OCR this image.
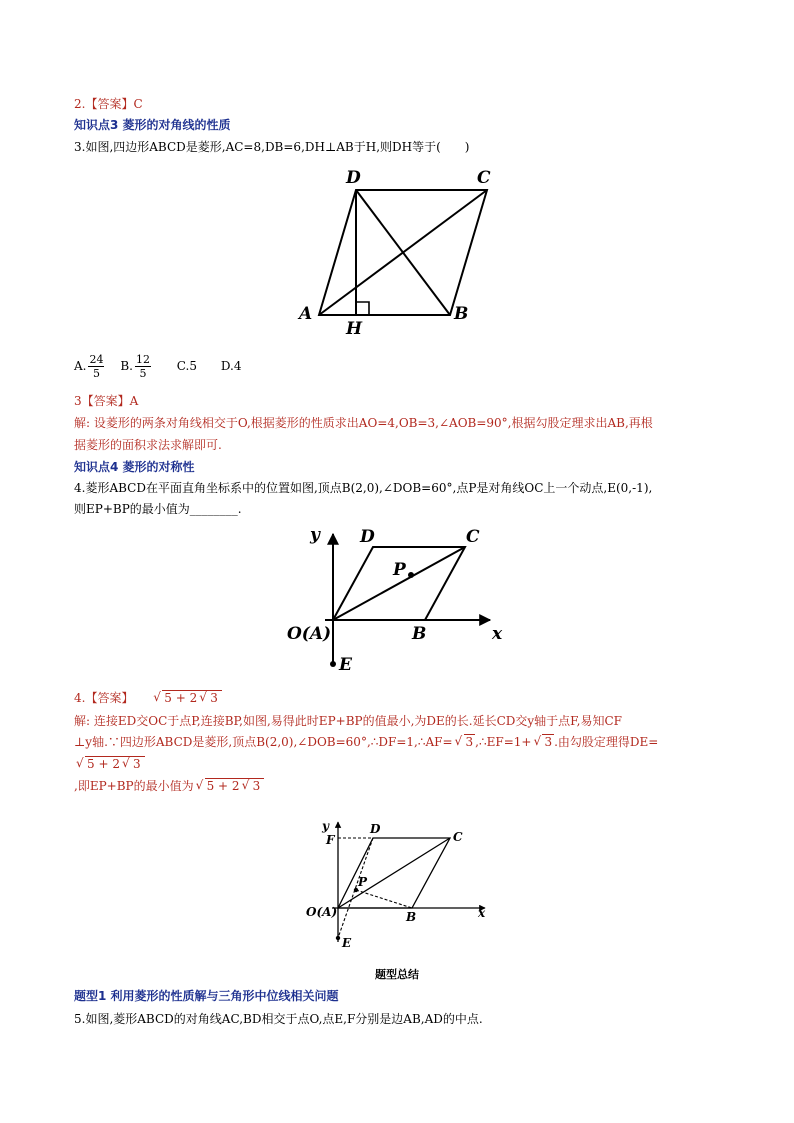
2.【答案】C
知识点3 菱形的对角线的性质
3.如图,四边形ABCD是菱形,AC=8,DB=6,DH⊥AB于H,则DH等于(　　)
D	C
A
H
B
A. $\frac{24}{5} B$. $\frac{12}{5} C.5$ D.4
3【答案】A
解: 设菱形的两条对角线相交于O,根据菱形的性质求出AO=4,OB=3,∠AOB=90°,根据勾股定理求出AB,再根
据菱形的面积求法求解即可.
知识点4 菱形的对称性
4.菱形ABCD在平面直角坐标系中的位置如图,顶点B(2,0),∠DOB=60°,点P是对角线OC上一个动点,E(0,-1),
则EP+BP的最小值为________.
y
x
D	C
P
O(A)	B
E
4.【答案】	√ 5 + 2 √ 3
解: 连接ED交OC于点P,连接BP,如图,易得此时EP+BP的值最小,为DE的长.延长CD交y轴于点F,易知CF
⊥y轴.∵四边形ABCD是菱形,顶点B(2,0),∠DOB=60°,∴DF=1,∴AF= √ 3 ,∴EF=1+ √ 3 .由勾股定理得DE=
√ 5 + 2 √ 3
,即EP+BP的最小值为 √ 5 + 2 √ 3
y	D
C
F
P
O(A)	B	x
E
题型总结
题型1 利用菱形的性质解与三角形中位线相关问题
5.如图,菱形ABCD的对角线AC,BD相交于点O,点E,F分别是边AB,AD的中点.
